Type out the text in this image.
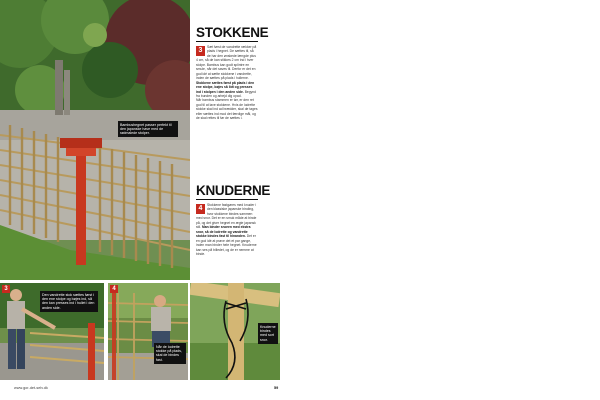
Bambushegnet passer perfekt til den japanske have med de rødmalede stolper.
3
Den vandrette stok sættes først i den ene stolpe og bøjes ind, så den kan presses ind i hullet i den anden side.
4
Når de lodrette stokke på plads, skal de bindes fast.
Knuderne bindes med sort snor.
STOKKENE
3	Sæt først de vandrette rækker på plads i hegnet. De sættes til, så de har den ønskede længde plus 4 cm, så de kan stikkes 2 cm ind i hver stolpe. Bambus kan godt splintre en smule, når det saves til. Derfor er det en god idé at sætte stokkene i vandrette, inden de sættes på plads i hullerne. Stokkene sættes først på plads i den ene stolpe, bøjes så lidt og presses ind i stolpen i den anden side. Begynd fra bunden og arbejd dig opad.
Når bambus stammen er tør, er den ret god til at lave stokkene. Hvis de lodrette stokke skal ind ad brædder, skal de tages eller sættes ind mod det færdige mål, og de skal rettes til før de sættes i.
KNUDERNE
4	Stokkene fastgøres med knuder i den klassiske japanske binding, hvor stokkene bindes sammen med snor. Det er en smuk måde at binde på, og det giver hegnet en ægte japansk stil. Man binder snoren med ekstra snor, så de lodrette og vandrette stokke bindes fast til hinanden. Det er en god idé at prøve det et par gange, inden man binder hele hegnet. Knuderne kan ses på billedet, og de er nemme at binde.
www.gor-det-selv.dk	59
